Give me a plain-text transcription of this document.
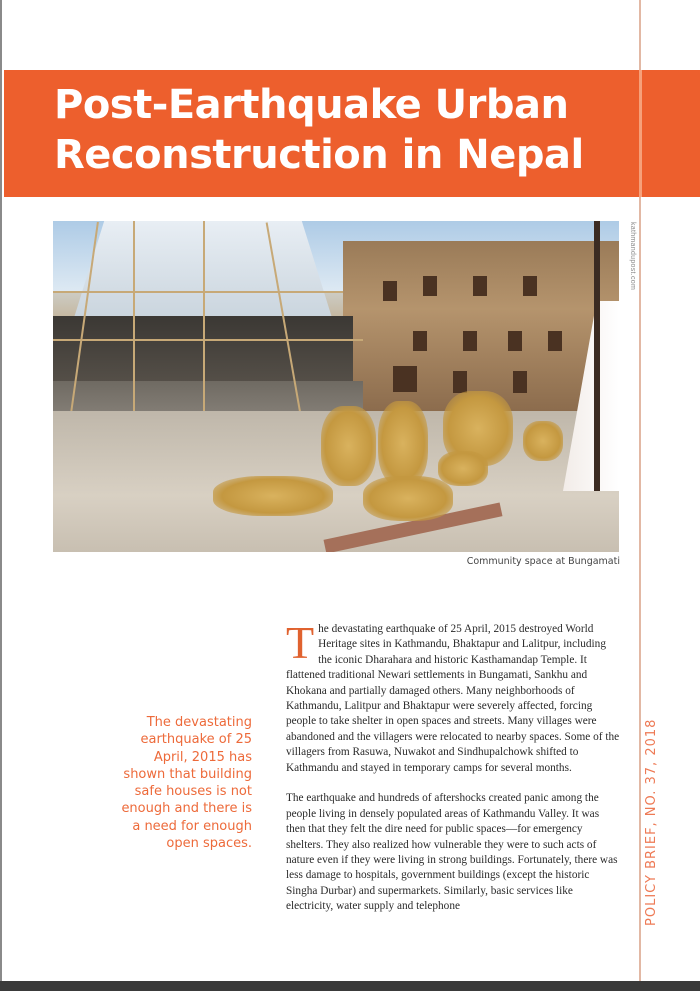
Post-Earthquake Urban
Reconstruction in Nepal
kathmandupost.com
Community space at Bungamati
The devastating earthquake of 25 April, 2015 has shown that building safe houses is not enough and there is a need for enough open spaces.

The devastating earthquake of 25 April, 2015 destroyed World Heritage sites in Kathmandu, Bhaktapur and Lalitpur, including the iconic Dharahara and historic Kasthamandap Temple. It flattened traditional Newari settlements in Bungamati, Sankhu and Khokana and partially damaged others. Many neighborhoods of Kathmandu, Lalitpur and Bhaktapur were severely affected, forcing people to take shelter in open spaces and streets. Many villages were abandoned and the villagers were relocated to nearby spaces. Some of the villagers from Rasuwa, Nuwakot and Sindhupalchowk shifted to Kathmandu and stayed in temporary camps for several months.

The earthquake and hundreds of aftershocks created panic among the people living in densely populated areas of Kathmandu Valley. It was then that they felt the dire need for public spaces—for emergency shelters. They also realized how vulnerable they were to such acts of nature even if they were living in strong buildings. Fortunately, there was less damage to hospitals, government buildings (except the historic Singha Durbar) and supermarkets. Similarly, basic services like electricity, water supply and telephone	POLICY BRIEF, NO. 37, 2018
